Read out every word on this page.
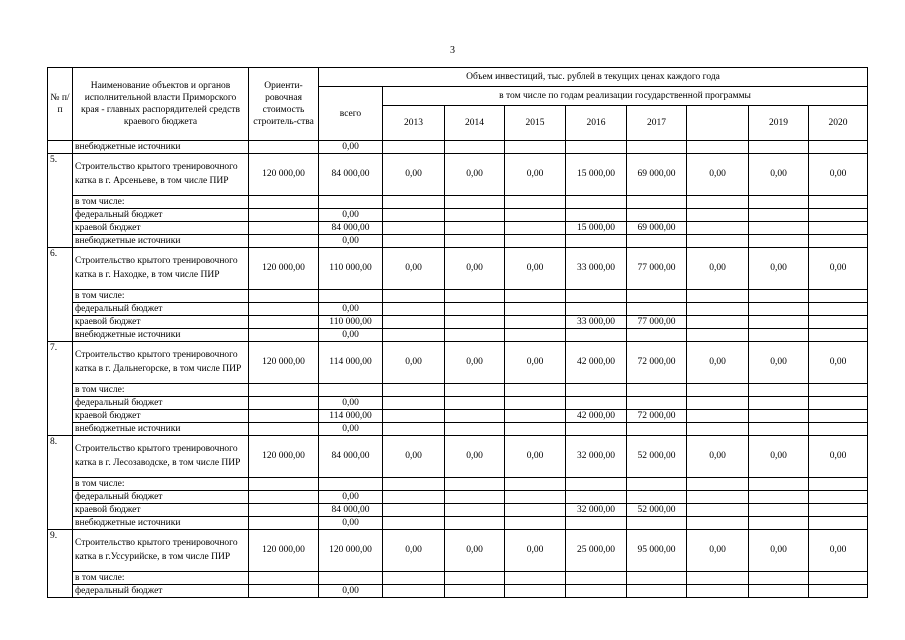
3
№ п/п	Наименование объектов и органов исполнительной власти Приморского края - главных распорядителей средств краевого бюджета	Ориенти-ровочная стоимость строитель-ства	Объем инвестиций, тыс. рублей в текущих ценах каждого года								
			всего	в том числе по годам реализации государственной программы							
				2013	2014	2015	2016	2017		2019	2020
	внебюджетные источники		0,00								
5.	Строительство крытого тренировочного катка в г. Арсеньеве, в том числе ПИР	120 000,00	84 000,00	0,00	0,00	0,00	15 000,00	69 000,00	0,00	0,00	0,00
	в том числе:										
	федеральный бюджет		0,00								
	краевой бюджет		84 000,00				15 000,00	69 000,00			
	внебюджетные источники		0,00								
6.	Строительство крытого тренировочного катка в г. Находке, в том числе ПИР	120 000,00	110 000,00	0,00	0,00	0,00	33 000,00	77 000,00	0,00	0,00	0,00
	в том числе:										
	федеральный бюджет		0,00								
	краевой бюджет		110 000,00				33 000,00	77 000,00			
	внебюджетные источники		0,00								
7.	Строительство крытого тренировочного катка в г. Дальнегорске, в том числе ПИР	120 000,00	114 000,00	0,00	0,00	0,00	42 000,00	72 000,00	0,00	0,00	0,00
	в том числе:										
	федеральный бюджет		0,00								
	краевой бюджет		114 000,00				42 000,00	72 000,00			
	внебюджетные источники		0,00								
8.	Строительство крытого тренировочного катка в г. Лесозаводске, в том числе ПИР	120 000,00	84 000,00	0,00	0,00	0,00	32 000,00	52 000,00	0,00	0,00	0,00
	в том числе:										
	федеральный бюджет		0,00								
	краевой бюджет		84 000,00				32 000,00	52 000,00			
	внебюджетные источники		0,00								
9.	Строительство крытого тренировочного катка в г.Уссурийске, в том числе ПИР	120 000,00	120 000,00	0,00	0,00	0,00	25 000,00	95 000,00	0,00	0,00	0,00
	в том числе:										
	федеральный бюджет		0,00								
